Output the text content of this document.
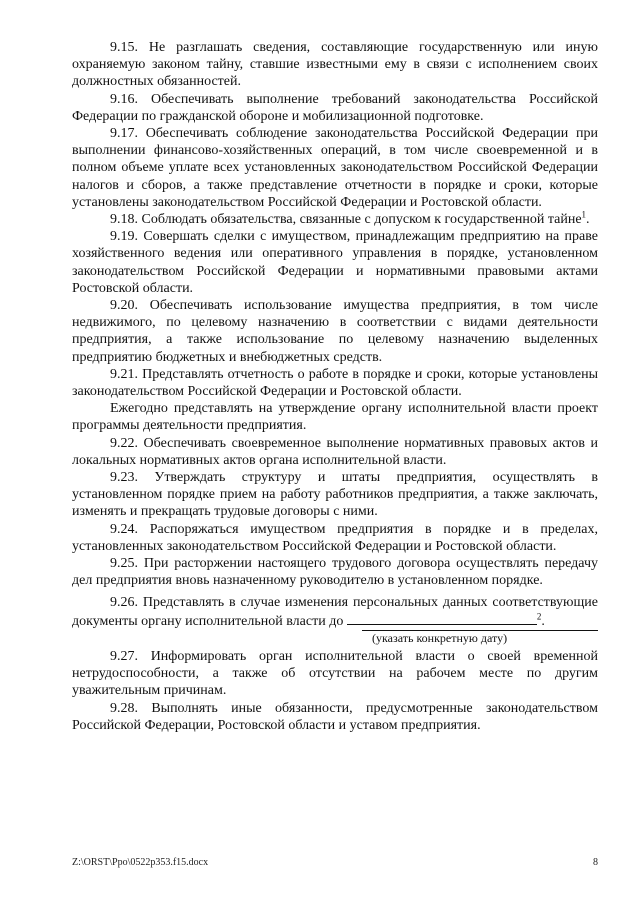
9.15. Не разглашать сведения, составляющие государственную или иную охраняемую законом тайну, ставшие известными ему в связи с исполнением своих должностных обязанностей.

9.16. Обеспечивать выполнение требований законодательства Российской Федерации по гражданской обороне и мобилизационной подготовке.

9.17. Обеспечивать соблюдение законодательства Российской Федерации при выполнении финансово-хозяйственных операций, в том числе своевременной и в полном объеме уплате всех установленных законодательством Российской Федерации налогов и сборов, а также представление отчетности в порядке и сроки, которые установлены законодательством Российской Федерации и Ростовской области.

9.18. Соблюдать обязательства, связанные с допуском к государственной тайне$^1$.

9.19. Совершать сделки с имуществом, принадлежащим предприятию на праве хозяйственного ведения или оперативного управления в порядке, установленном законодательством Российской Федерации и нормативными правовыми актами Ростовской области.

9.20. Обеспечивать использование имущества предприятия, в том числе недвижимого, по целевому назначению в соответствии с видами деятельности предприятия, а также использование по целевому назначению выделенных предприятию бюджетных и внебюджетных средств.

9.21. Представлять отчетность о работе в порядке и сроки, которые установлены законодательством Российской Федерации и Ростовской области.

Ежегодно представлять на утверждение органу исполнительной власти проект программы деятельности предприятия.

9.22. Обеспечивать своевременное выполнение нормативных правовых актов и локальных нормативных актов органа исполнительной власти.

9.23. Утверждать структуру и штаты предприятия, осуществлять в установленном порядке прием на работу работников предприятия, а также заключать, изменять и прекращать трудовые договоры с ними.

9.24. Распоряжаться имуществом предприятия в порядке и в пределах, установленных законодательством Российской Федерации и Ростовской области.

9.25. При расторжении настоящего трудового договора осуществлять передачу дел предприятия вновь назначенному руководителю в установленном порядке.

9.26. Представлять в случае изменения персональных данных соответствующие документы органу исполнительной власти до	$^2$.

(указать конкретную дату)

9.27. Информировать орган исполнительной власти о своей временной нетрудоспособности, а также об отсутствии на рабочем месте по другим уважительным причинам.

9.28. Выполнять иные обязанности, предусмотренные законодательством Российской Федерации, Ростовской области и уставом предприятия.

Z:\ORST\Ppo\0522p353.f15.docx	8
